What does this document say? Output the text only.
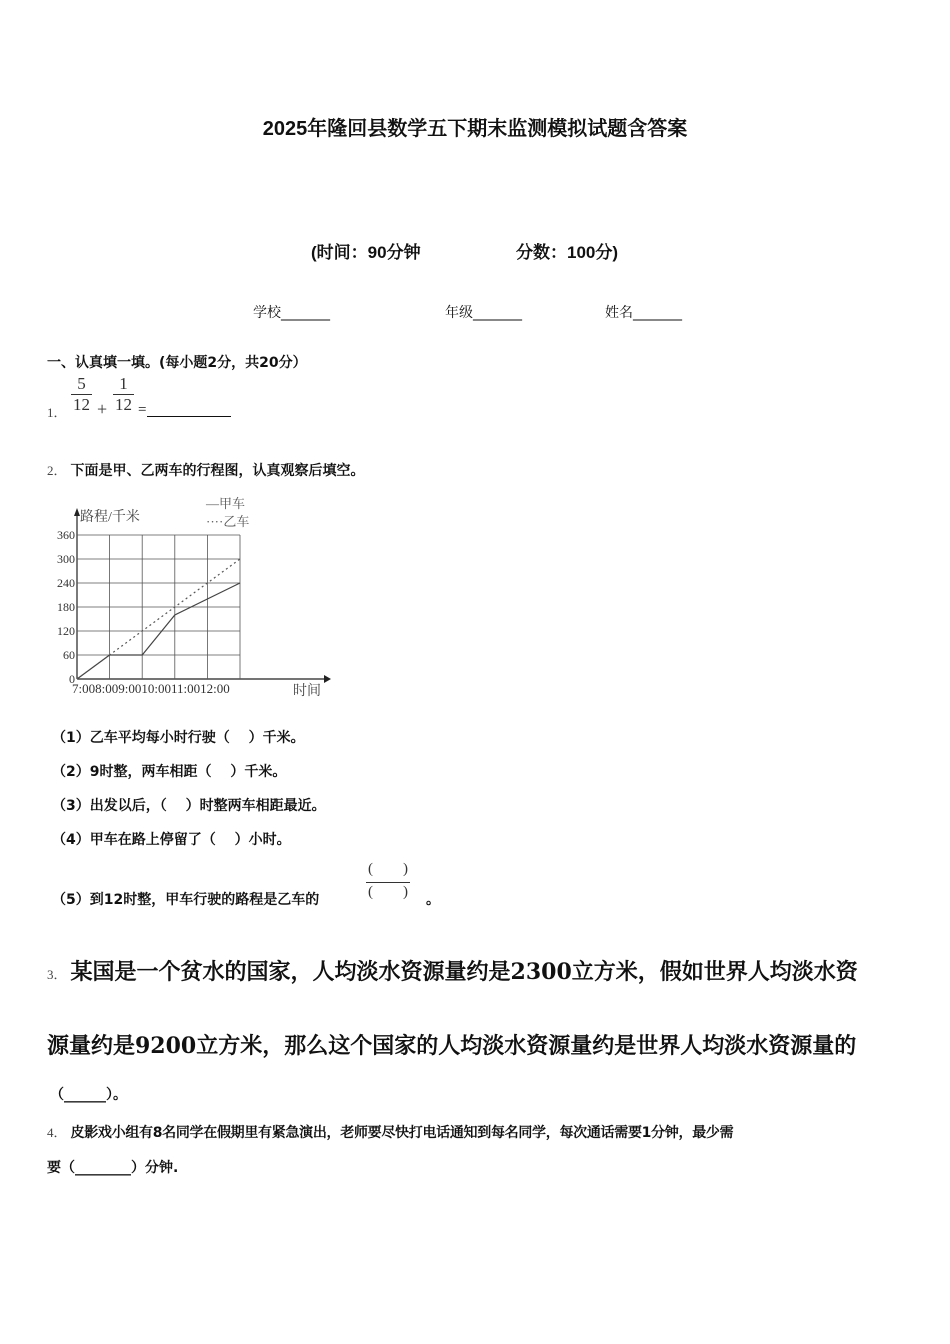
2025年隆回县数学五下期末监测模拟试题含答案
(时间：90分钟	分数：100分)
学校_______	年级_______	姓名_______
一、认真填一填。(每小题2分，共20分）
1． $\frac{5}{12} + \frac{1}{12}$ =
2． 下面是甲、乙两车的行程图，认真观察后填空。
0
60
120
180
240
300
360
路程/千米
—甲车
····乙车
时间
7:008:009:0010:0011:0012:00
（1）乙车平均每小时行驶（　 ）千米。
（2）9时整，两车相距（　 ）千米。
（3）出发以后，（　 ）时整两车相距最近。
（4）甲车在路上停留了（　 ）小时。
（5）到12时整，甲车行驶的路程是乙车的
(　　)
(　　) 。
3． 某国是一个贫水的国家，人均淡水资源量约是2300立方米，假如世界人均淡水资
源量约是9200立方米，那么这个国家的人均淡水资源量约是世界人均淡水资源量的
（______）。
4． 皮影戏小组有8名同学在假期里有紧急演出，老师要尽快打电话通知到每名同学，每次通话需要1分钟，最少需
要（________）分钟.
